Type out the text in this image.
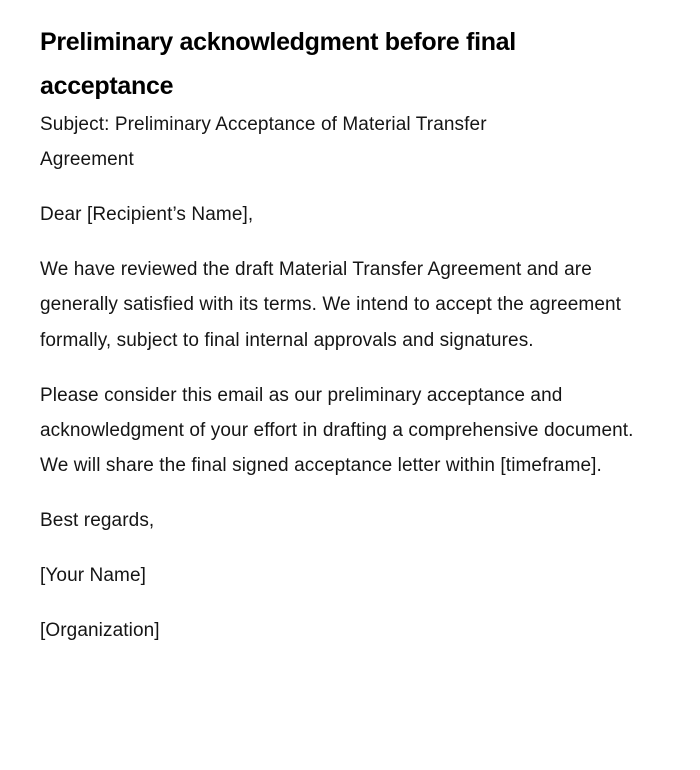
Preliminary acknowledgment before final acceptance

Subject: Preliminary Acceptance of Material Transfer Agreement

Dear [Recipient’s Name],

We have reviewed the draft Material Transfer Agreement and are generally satisfied with its terms. We intend to accept the agreement formally, subject to final internal approvals and signatures.

Please consider this email as our preliminary acceptance and acknowledgment of your effort in drafting a comprehensive document. We will share the final signed acceptance letter within [timeframe].

Best regards,

[Your Name]

[Organization]
